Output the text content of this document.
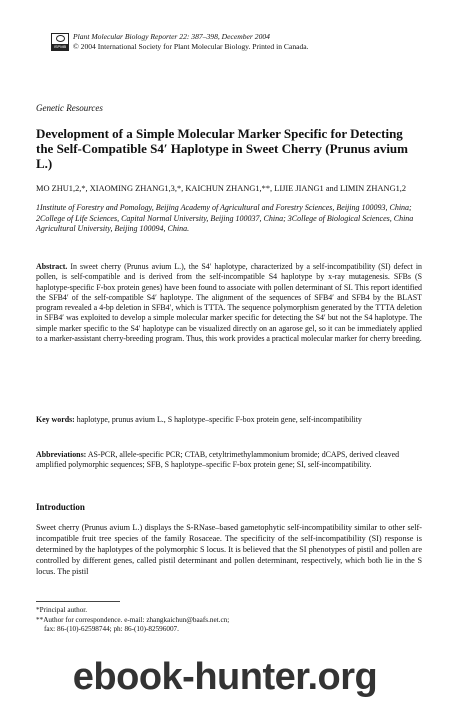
ISPMB
Plant Molecular Biology Reporter 22: 387–398, December 2004
© 2004 International Society for Plant Molecular Biology. Printed in Canada.
Genetic Resources
Development of a Simple Molecular Marker Specific for Detecting the Self-Compatible S4′ Haplotype in Sweet Cherry (Prunus avium L.)
MO ZHU1,2,*, XIAOMING ZHANG1,3,*, KAICHUN ZHANG1,**, LIJIE JIANG1 and LIMIN ZHANG1,2
1Institute of Forestry and Pomology, Beijing Academy of Agricultural and Forestry Sciences, Beijing 100093, China; 2College of Life Sciences, Capital Normal University, Beijing 100037, China; 3College of Biological Sciences, China Agricultural University, Beijing 100094, China.
Abstract. In sweet cherry (Prunus avium L.), the S4′ haplotype, characterized by a self-incompatibility (SI) defect in pollen, is self-compatible and is derived from the self-incompatible S4 haplotype by x-ray mutagenesis. SFBs (S haplotype-specific F-box protein genes) have been found to associate with pollen determinant of SI. This report identified the SFB4′ of the self-compatible S4′ haplotype. The alignment of the sequences of SFB4′ and SFB4 by the BLAST program revealed a 4-bp deletion in SFB4′, which is TTTA. The sequence polymorphism generated by the TTTA deletion in SFB4′ was exploited to develop a simple molecular marker specific for detecting the S4′ but not the S4 haplotype. The simple marker specific to the S4′ haplotype can be visualized directly on an agarose gel, so it can be immediately applied to a marker-assistant cherry-breeding program. Thus, this work provides a practical molecular marker for cherry breeding.
Key words: haplotype, prunus avium L., S haplotype–specific F-box protein gene, self-incompatibility
Abbreviations: AS-PCR, allele-specific PCR; CTAB, cetyltrimethylammonium bromide; dCAPS, derived cleaved amplified polymorphic sequences; SFB, S haplotype–specific F-box protein gene; SI, self-incompatibility.
Introduction
Sweet cherry (Prunus avium L.) displays the S-RNase–based gametophytic self-incompatibility similar to other self-incompatible fruit tree species of the family Rosaceae. The specificity of the self-incompatibility (SI) response is determined by the haplotypes of the polymorphic S locus. It is believed that the SI phenotypes of pistil and pollen are controlled by different genes, called pistil determinant and pollen determinant, respectively, which both lie in the S locus. The pistil
*Principal author.
**Author for correspondence. e-mail: zhangkaichun@baafs.net.cn;
fax: 86-(10)-62598744; ph: 86-(10)-82596007.
ebook-hunter.org
